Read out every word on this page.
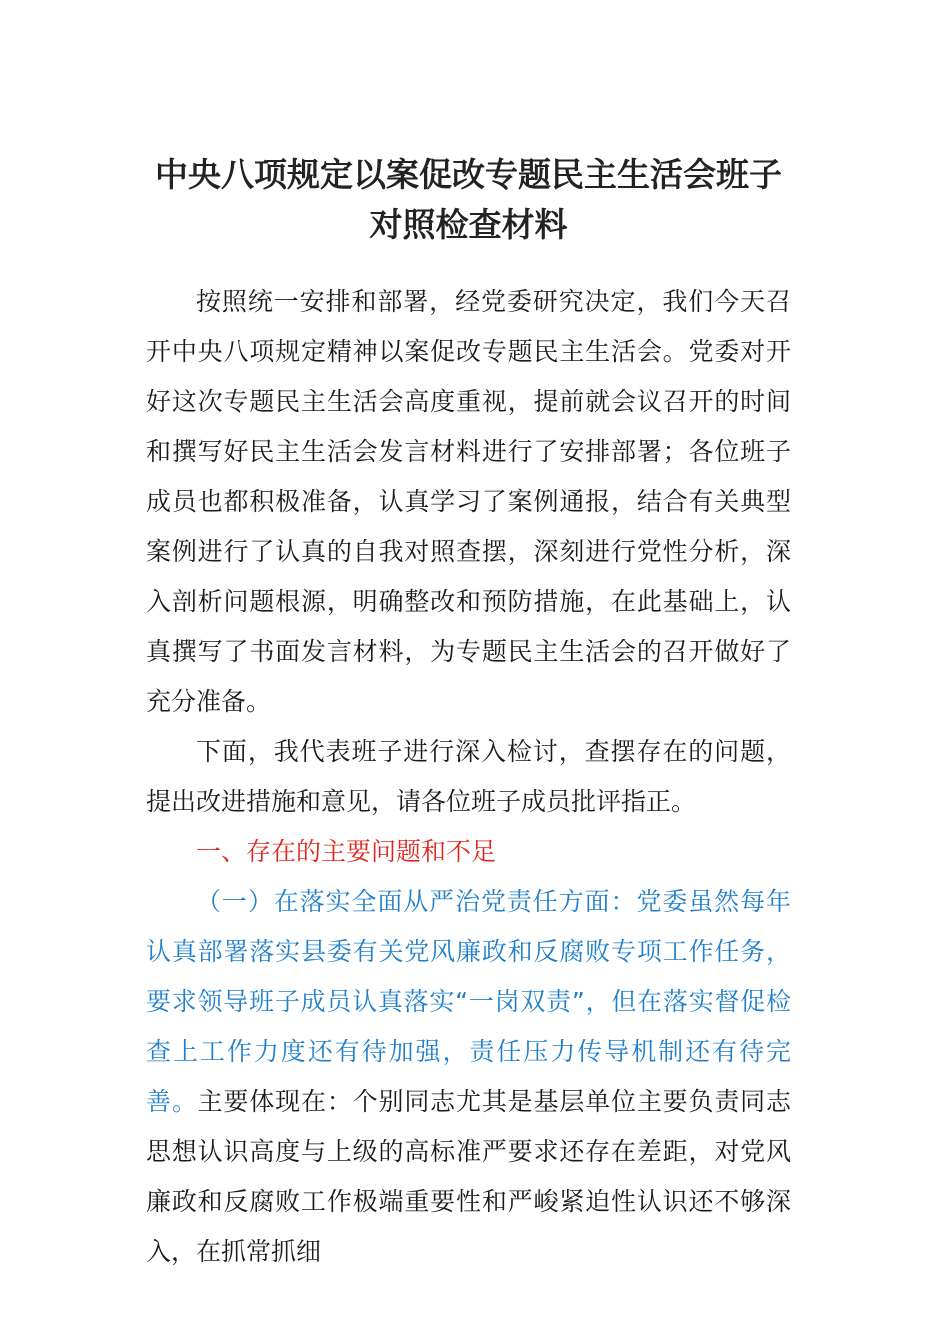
中央八项规定以案促改专题民主生活会班子
对照检查材料

按照统一安排和部署，经党委研究决定，我们今天召开中央八项规定精神以案促改专题民主生活会。党委对开好这次专题民主生活会高度重视，提前就会议召开的时间和撰写好民主生活会发言材料进行了安排部署；各位班子成员也都积极准备，认真学习了案例通报，结合有关典型案例进行了认真的自我对照查摆，深刻进行党性分析，深入剖析问题根源，明确整改和预防措施，在此基础上，认真撰写了书面发言材料，为专题民主生活会的召开做好了充分准备。

下面，我代表班子进行深入检讨，查摆存在的问题，提出改进措施和意见，请各位班子成员批评指正。

一、存在的主要问题和不足

（一）在落实全面从严治党责任方面：党委虽然每年认真部署落实县委有关党风廉政和反腐败专项工作任务，要求领导班子成员认真落实“一岗双责”，但在落实督促检查上工作力度还有待加强，责任压力传导机制还有待完善。主要体现在：个别同志尤其是基层单位主要负责同志思想认识高度与上级的高标准严要求还存在差距，对党风廉政和反腐败工作极端重要性和严峻紧迫性认识还不够深入，在抓常抓细
